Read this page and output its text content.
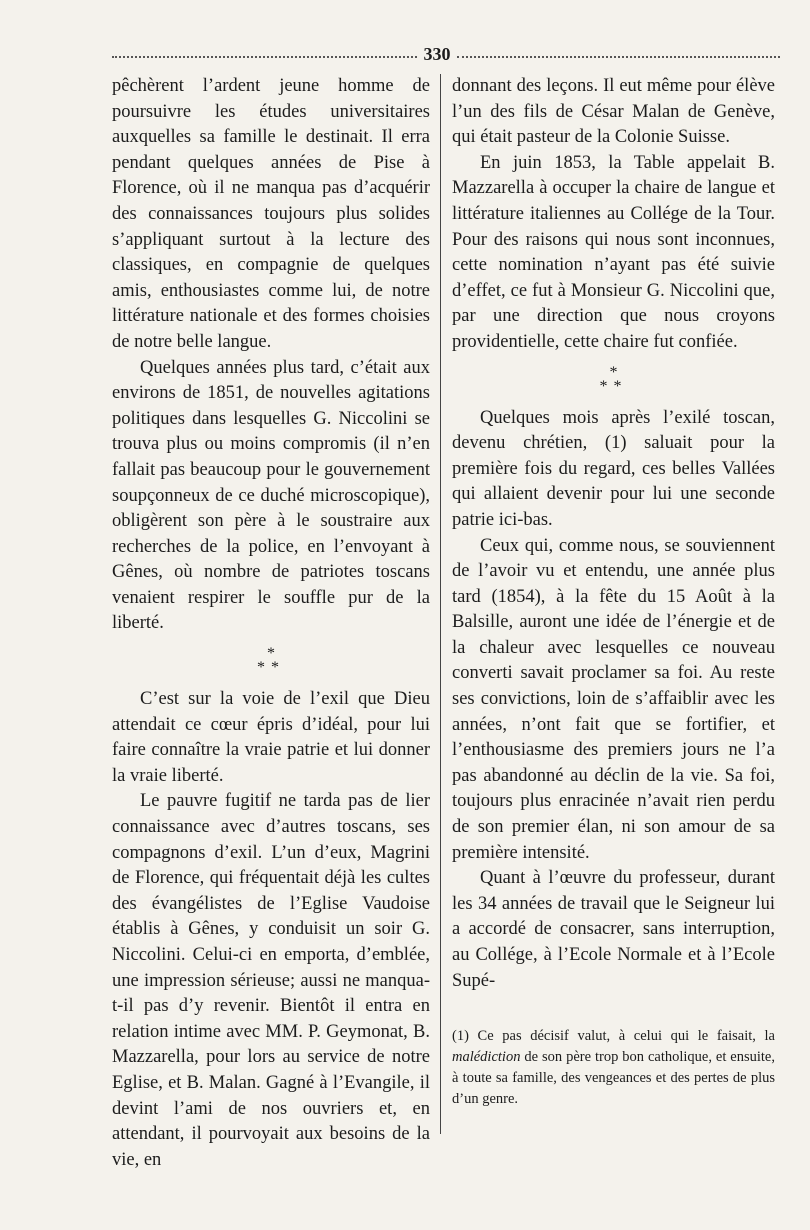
330

pêchèrent l’ardent jeune homme de poursuivre les études universitaires auxquelles sa famille le destinait. Il erra pendant quelques années de Pise à Florence, où il ne manqua pas d’acquérir des connaissances toujours plus solides s’appliquant surtout à la lecture des classiques, en compagnie de quelques amis, enthousiastes comme lui, de notre littérature nationale et des formes choisies de notre belle langue.

Quelques années plus tard, c’était aux environs de 1851, de nouvelles agitations politiques dans lesquelles G. Niccolini se trouva plus ou moins compromis (il n’en fallait pas beaucoup pour le gouvernement soupçonneux de ce duché microscopique), obligèrent son père à le soustraire aux recherches de la police, en l’envoyant à Gênes, où nombre de patriotes toscans venaient respirer le souffle pur de la liberté.

*
**

C’est sur la voie de l’exil que Dieu attendait ce cœur épris d’idéal, pour lui faire connaître la vraie patrie et lui donner la vraie liberté.

Le pauvre fugitif ne tarda pas de lier connaissance avec d’autres toscans, ses compagnons d’exil. L’un d’eux, Magrini de Florence, qui fréquentait déjà les cultes des évangélistes de l’Eglise Vaudoise établis à Gênes, y conduisit un soir G. Niccolini. Celui-ci en emporta, d’emblée, une impression sérieuse; aussi ne manqua-t-il pas d’y revenir. Bientôt il entra en relation intime avec MM. P. Geymonat, B. Mazzarella, pour lors au service de notre Eglise, et B. Malan. Gagné à l’Evangile, il devint l’ami de nos ouvriers et, en attendant, il pourvoyait aux besoins de la vie, en

donnant des leçons. Il eut même pour élève l’un des fils de César Malan de Genève, qui était pasteur de la Colonie Suisse.

En juin 1853, la Table appelait B. Mazzarella à occuper la chaire de langue et littérature italiennes au Collége de la Tour. Pour des raisons qui nous sont inconnues, cette nomination n’ayant pas été suivie d’effet, ce fut à Monsieur G. Niccolini que, par une direction que nous croyons providentielle, cette chaire fut confiée.

*
**

Quelques mois après l’exilé toscan, devenu chrétien, (1) saluait pour la première fois du regard, ces belles Vallées qui allaient devenir pour lui une seconde patrie ici-bas.

Ceux qui, comme nous, se souviennent de l’avoir vu et entendu, une année plus tard (1854), à la fête du 15 Août à la Balsille, auront une idée de l’énergie et de la chaleur avec lesquelles ce nouveau converti savait proclamer sa foi. Au reste ses convictions, loin de s’affaiblir avec les années, n’ont fait que se fortifier, et l’enthousiasme des premiers jours ne l’a pas abandonné au déclin de la vie. Sa foi, toujours plus enracinée n’avait rien perdu de son premier élan, ni son amour de sa première intensité.

Quant à l’œuvre du professeur, durant les 34 années de travail que le Seigneur lui a accordé de consacrer, sans interruption, au Collége, à l’Ecole Normale et à l’Ecole Supé-

(1) Ce pas décisif valut, à celui qui le faisait, la malédiction de son père trop bon catholique, et ensuite, à toute sa famille, des vengeances et des pertes de plus d’un genre.
